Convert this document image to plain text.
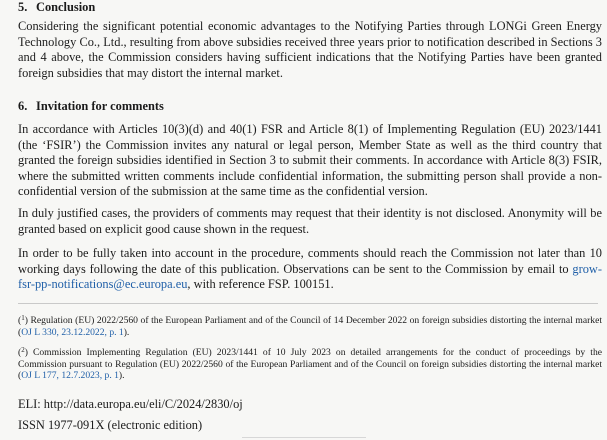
5. Conclusion

Considering the significant potential economic advantages to the Notifying Parties through LONGi Green Energy Technology Co., Ltd., resulting from above subsidies received three years prior to notification described in Sections 3 and 4 above, the Commission considers having sufficient indications that the Notifying Parties have been granted foreign subsidies that may distort the internal market.

6. Invitation for comments

In accordance with Articles 10(3)(d) and 40(1) FSR and Article 8(1) of Implementing Regulation (EU) 2023/1441 (the ‘FSIR’) the Commission invites any natural or legal person, Member State as well as the third country that granted the foreign subsidies identified in Section 3 to submit their comments. In accordance with Article 8(3) FSIR, where the submitted written comments include confidential information, the submitting person shall provide a non-confidential version of the submission at the same time as the confidential version.

In duly justified cases, the providers of comments may request that their identity is not disclosed. Anonymity will be granted based on explicit good cause shown in the request.

In order to be fully taken into account in the procedure, comments should reach the Commission not later than 10 working days following the date of this publication. Observations can be sent to the Commission by email to grow-fsr-pp-notifications@ec.europa.eu, with reference FSP. 100151.

($^1$) Regulation (EU) 2022/2560 of the European Parliament and of the Council of 14 December 2022 on foreign subsidies distorting the internal market (OJ L 330, 23.12.2022, p. 1).

($^2$) Commission Implementing Regulation (EU) 2023/1441 of 10 July 2023 on detailed arrangements for the conduct of proceedings by the Commission pursuant to Regulation (EU) 2022/2560 of the European Parliament and of the Council on foreign subsidies distorting the internal market (OJ L 177, 12.7.2023, p. 1).

ELI: http://data.europa.eu/eli/C/2024/2830/oj

ISSN 1977-091X (electronic edition)
